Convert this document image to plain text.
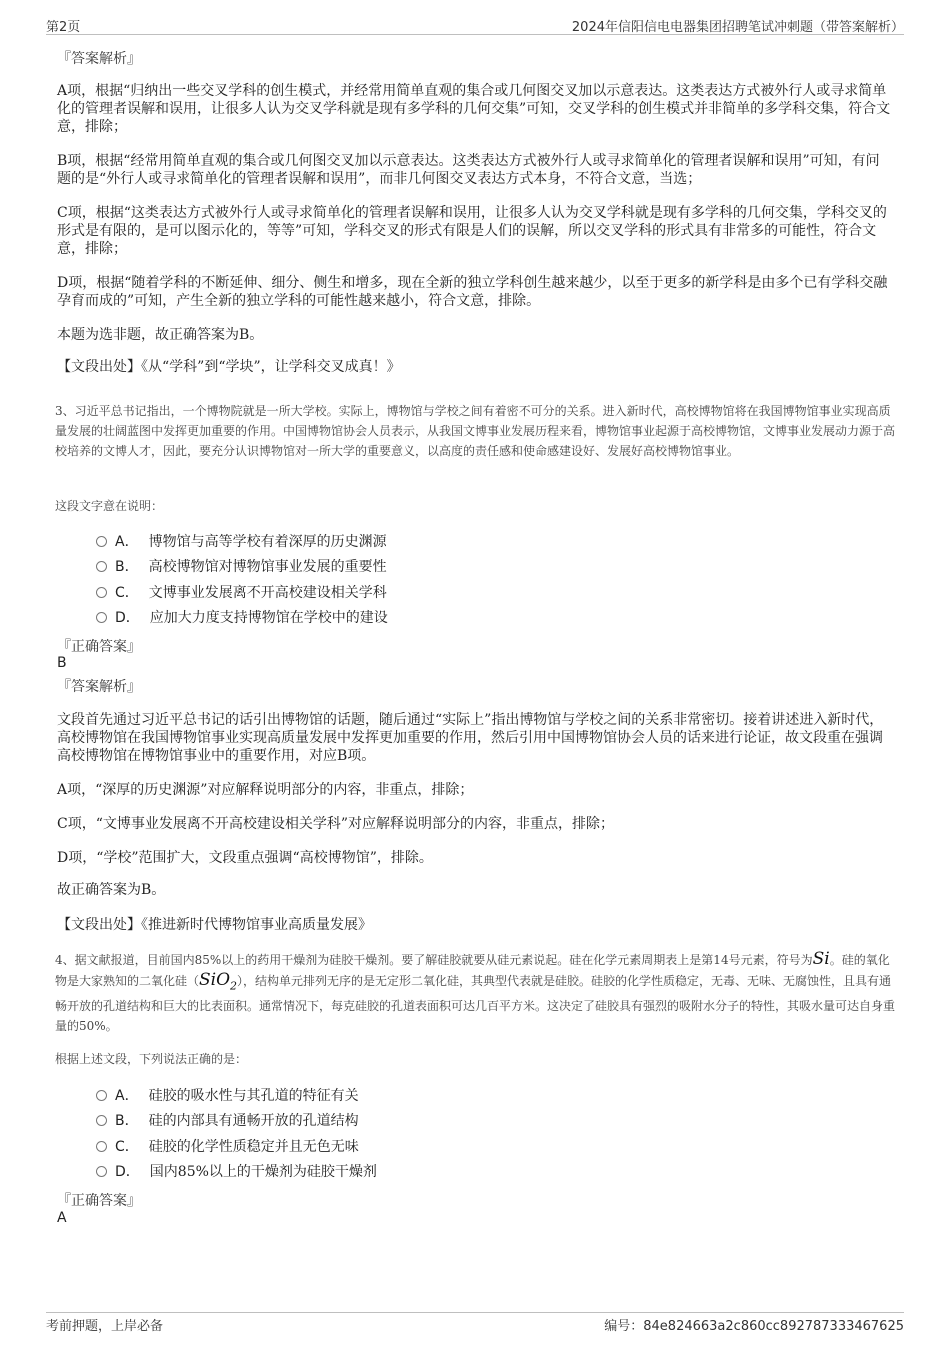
第2页	2024年信阳信电电器集团招聘笔试冲刺题（带答案解析）
『答案解析』
A项，根据“归纳出一些交叉学科的创生模式，并经常用简单直观的集合或几何图交叉加以示意表达。这类表达方式被外行人或寻求简单化的管理者误解和误用，让很多人认为交叉学科就是现有多学科的几何交集”可知，交叉学科的创生模式并非简单的多学科交集，符合文意，排除；
B项，根据“经常用简单直观的集合或几何图交叉加以示意表达。这类表达方式被外行人或寻求简单化的管理者误解和误用”可知，有问题的是“外行人或寻求简单化的管理者误解和误用”，而非几何图交叉表达方式本身，不符合文意，当选；
C项，根据“这类表达方式被外行人或寻求简单化的管理者误解和误用，让很多人认为交叉学科就是现有多学科的几何交集，学科交叉的形式是有限的，是可以图示化的，等等”可知，学科交叉的形式有限是人们的误解，所以交叉学科的形式具有非常多的可能性，符合文意，排除；
D项，根据“随着学科的不断延伸、细分、侧生和增多，现在全新的独立学科创生越来越少，以至于更多的新学科是由多个已有学科交融孕育而成的”可知，产生全新的独立学科的可能性越来越小，符合文意，排除。
本题为选非题，故正确答案为B。
【文段出处】《从“学科”到“学块”，让学科交叉成真！》
3、习近平总书记指出，一个博物院就是一所大学校。实际上，博物馆与学校之间有着密不可分的关系。进入新时代，高校博物馆将在我国博物馆事业实现高质量发展的壮阔蓝图中发挥更加重要的作用。中国博物馆协会人员表示，从我国文博事业发展历程来看，博物馆事业起源于高校博物馆，文博事业发展动力源于高校培养的文博人才，因此，要充分认识博物馆对一所大学的重要意义，以高度的责任感和使命感建设好、发展好高校博物馆事业。
这段文字意在说明：
A． 博物馆与高等学校有着深厚的历史渊源
B． 高校博物馆对博物馆事业发展的重要性
C． 文博事业发展离不开高校建设相关学科
D． 应加大力度支持博物馆在学校中的建设
『正确答案』
B
『答案解析』
文段首先通过习近平总书记的话引出博物馆的话题，随后通过“实际上”指出博物馆与学校之间的关系非常密切。接着讲述进入新时代，高校博物馆在我国博物馆事业实现高质量发展中发挥更加重要的作用，然后引用中国博物馆协会人员的话来进行论证，故文段重在强调高校博物馆在博物馆事业中的重要作用，对应B项。
A项，“深厚的历史渊源”对应解释说明部分的内容，非重点，排除；
C项，“文博事业发展离不开高校建设相关学科”对应解释说明部分的内容，非重点，排除；
D项，“学校”范围扩大，文段重点强调“高校博物馆”，排除。
故正确答案为B。
【文段出处】《推进新时代博物馆事业高质量发展》
4、据文献报道，目前国内85%以上的药用干燥剂为硅胶干燥剂。要了解硅胶就要从硅元素说起。硅在化学元素周期表上是第14号元素，符号为Si。硅的氧化物是大家熟知的二氧化硅（SiO$_2$），结构单元排列无序的是无定形二氧化硅，其典型代表就是硅胶。硅胶的化学性质稳定，无毒、无味、无腐蚀性，且具有通畅开放的孔道结构和巨大的比表面积。通常情况下，每克硅胶的孔道表面积可达几百平方米。这决定了硅胶具有强烈的吸附水分子的特性，其吸水量可达自身重量的50%。
根据上述文段，下列说法正确的是：
A． 硅胶的吸水性与其孔道的特征有关
B． 硅的内部具有通畅开放的孔道结构
C． 硅胶的化学性质稳定并且无色无味
D． 国内85%以上的干燥剂为硅胶干燥剂
『正确答案』
A
考前押题，上岸必备	编号：84e824663a2c860cc892787333467625
